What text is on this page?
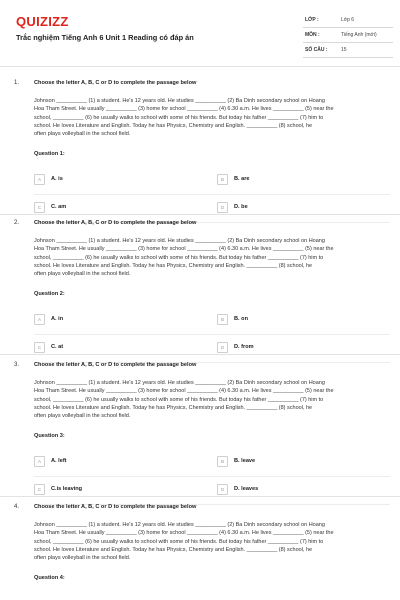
QUIZIZZ
Trắc nghiệm Tiếng Anh 6 Unit 1 Reading có đáp án
LỚP :	Lớp 6
MÔN :	Tiếng Anh (mới)
SỐ CÂU :	15
1.	Choose the letter A, B, C or D to complete the passage below

Johnson __________ (1) a student. He's 12 years old. He studies __________ (2) Ba Dinh secondary school on Hoang

Hoa Tham Street. He usually __________ (3) home for school __________ (4) 6.30 a.m. He lives __________ (5) near the

school, __________ (6) he usually walks to school with some of his friends. But today his father __________ (7) him to

school. He loves Literature and English. Today he has Physics, Chemistry and English. __________ (8) school, he

often plays volleyball in the school field.

Question 1:
A	A. is	B	B. are
C	C. am	D	D. be
2.	Choose the letter A, B, C or D to complete the passage below

Johnson __________ (1) a student. He's 12 years old. He studies __________ (2) Ba Dinh secondary school on Hoang

Hoa Tham Street. He usually __________ (3) home for school __________ (4) 6.30 a.m. He lives __________ (5) near the

school, __________ (6) he usually walks to school with some of his friends. But today his father __________ (7) him to

school. He loves Literature and English. Today he has Physics, Chemistry and English. __________ (8) school, he

often plays volleyball in the school field.

Question 2:
A	A. in	B	B. on
C	C. at	D	D. from
3.	Choose the letter A, B, C or D to complete the passage below

Johnson __________ (1) a student. He's 12 years old. He studies __________ (2) Ba Dinh secondary school on Hoang

Hoa Tham Street. He usually __________ (3) home for school __________ (4) 6.30 a.m. He lives __________ (5) near the

school, __________ (6) he usually walks to school with some of his friends. But today his father __________ (7) him to

school. He loves Literature and English. Today he has Physics, Chemistry and English. __________ (8) school, he

often plays volleyball in the school field.

Question 3:
A	A. left	B	B. leave
C	C.is leaving	D	D. leaves
4.	Choose the letter A, B, C or D to complete the passage below

Johnson __________ (1) a student. He's 12 years old. He studies __________ (2) Ba Dinh secondary school on Hoang

Hoa Tham Street. He usually __________ (3) home for school __________ (4) 6.30 a.m. He lives __________ (5) near the

school, __________ (6) he usually walks to school with some of his friends. But today his father __________ (7) him to

school. He loves Literature and English. Today he has Physics, Chemistry and English. __________ (8) school, he

often plays volleyball in the school field.

Question 4:
